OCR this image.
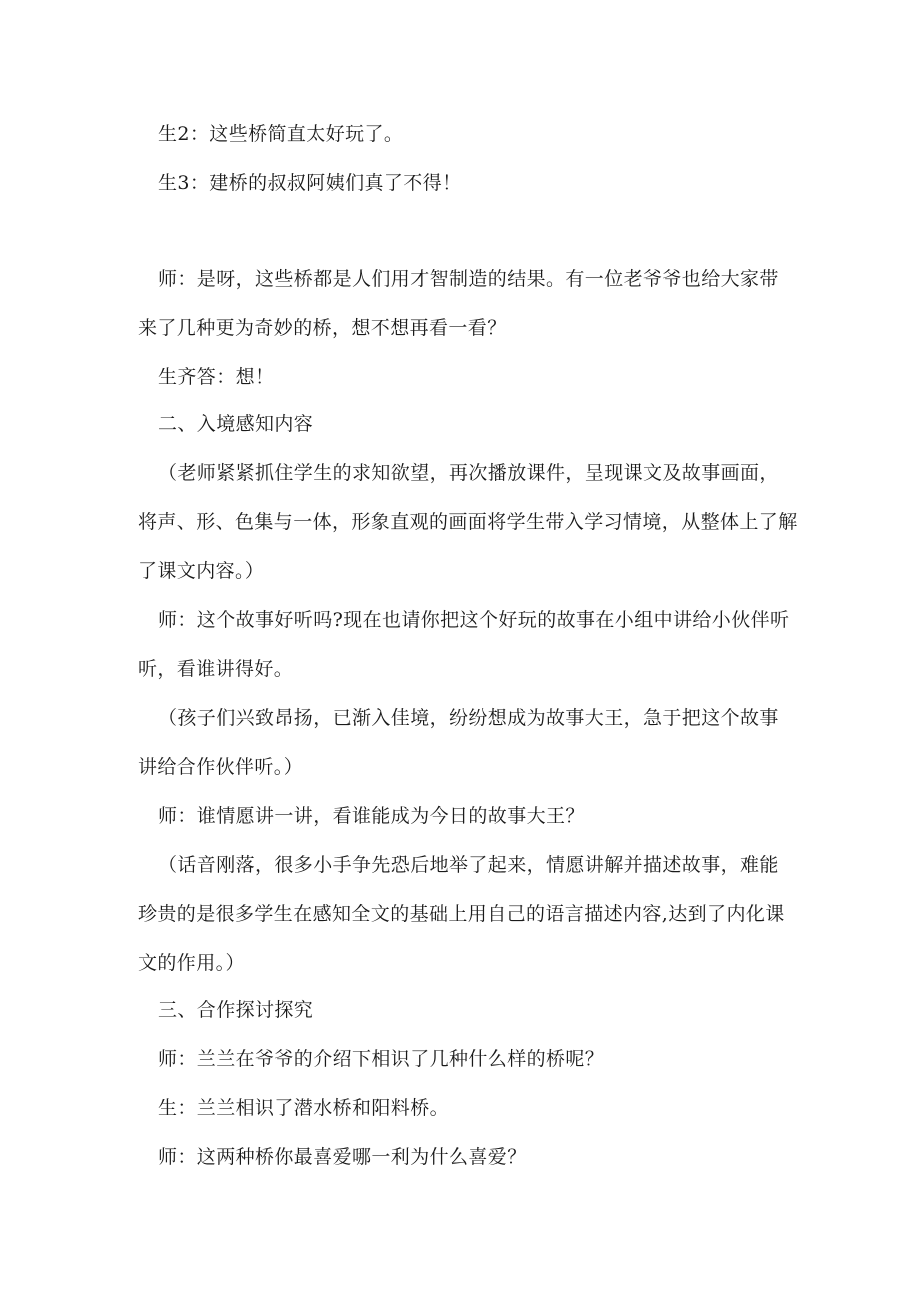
生2：这些桥简直太好玩了。

生3：建桥的叔叔阿姨们真了不得！

师：是呀，这些桥都是人们用才智制造的结果。有一位老爷爷也给大家带来了几种更为奇妙的桥，想不想再看一看？

生齐答：想！

二、入境感知内容

（老师紧紧抓住学生的求知欲望，再次播放课件，呈现课文及故事画面，将声、形、色集与一体，形象直观的画面将学生带入学习情境，从整体上了解了课文内容。）

师：这个故事好听吗?现在也请你把这个好玩的故事在小组中讲给小伙伴听听，看谁讲得好。

（孩子们兴致昂扬，已渐入佳境，纷纷想成为故事大王，急于把这个故事讲给合作伙伴听。）

师：谁情愿讲一讲，看谁能成为今日的故事大王？

（话音刚落，很多小手争先恐后地举了起来，情愿讲解并描述故事，难能珍贵的是很多学生在感知全文的基础上用自己的语言描述内容,达到了内化课文的作用。）

三、合作探讨探究

师：兰兰在爷爷的介绍下相识了几种什么样的桥呢？

生：兰兰相识了潜水桥和阳料桥。

师：这两种桥你最喜爱哪一利为什么喜爱？
